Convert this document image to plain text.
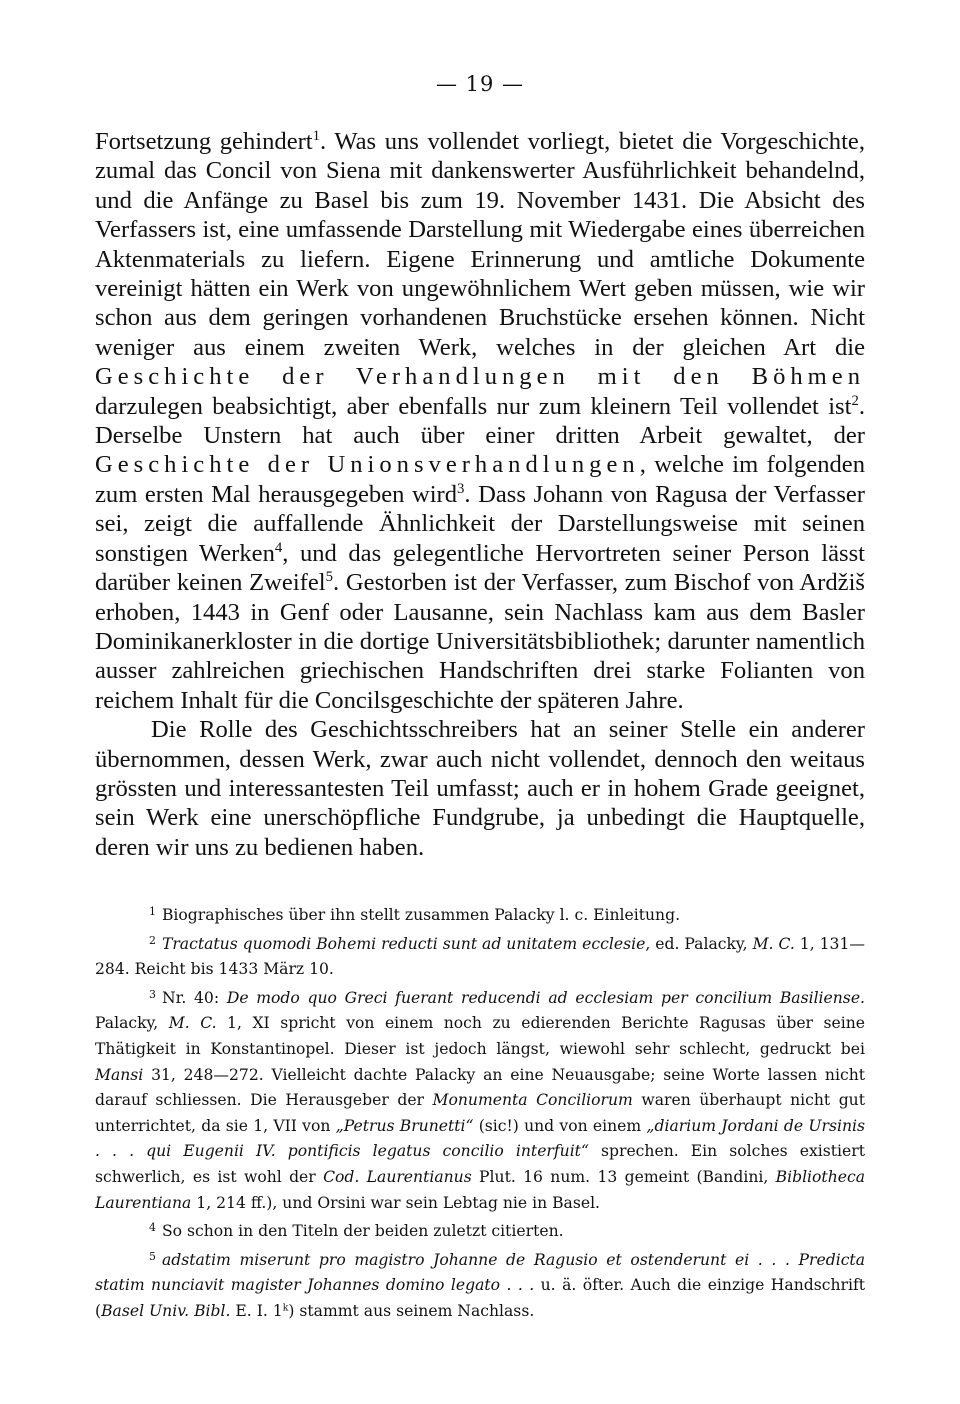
— 19 —

Fortsetzung gehindert$^1$. Was uns vollendet vorliegt, bietet die Vorgeschichte, zumal das Concil von Siena mit dankenswerter Ausführlichkeit behandelnd, und die Anfänge zu Basel bis zum 19. November 1431. Die Absicht des Verfassers ist, eine umfassende Darstellung mit Wiedergabe eines überreichen Aktenmaterials zu liefern. Eigene Erinnerung und amtliche Dokumente vereinigt hätten ein Werk von ungewöhnlichem Wert geben müssen, wie wir schon aus dem geringen vorhandenen Bruchstücke ersehen können. Nicht weniger aus einem zweiten Werk, welches in der gleichen Art die Geschichte der Verhandlungen mit den Böhmen darzulegen beabsichtigt, aber ebenfalls nur zum kleinern Teil vollendet ist$^2$. Derselbe Unstern hat auch über einer dritten Arbeit gewaltet, der Geschichte der Unionsverhandlungen, welche im folgenden zum ersten Mal herausgegeben wird$^3$. Dass Johann von Ragusa der Verfasser sei, zeigt die auffallende Ähnlichkeit der Darstellungsweise mit seinen sonstigen Werken$^4$, und das gelegentliche Hervortreten seiner Person lässt darüber keinen Zweifel$^5$. Gestorben ist der Verfasser, zum Bischof von Ardžiš erhoben, 1443 in Genf oder Lausanne, sein Nachlass kam aus dem Basler Dominikanerkloster in die dortige Universitätsbibliothek; darunter namentlich ausser zahlreichen griechischen Handschriften drei starke Folianten von reichem Inhalt für die Concilsgeschichte der späteren Jahre.

Die Rolle des Geschichtsschreibers hat an seiner Stelle ein anderer übernommen, dessen Werk, zwar auch nicht vollendet, dennoch den weitaus grössten und interessantesten Teil umfasst; auch er in hohem Grade geeignet, sein Werk eine unerschöpfliche Fundgrube, ja unbedingt die Hauptquelle, deren wir uns zu bedienen haben.

$^1$ Biographisches über ihn stellt zusammen Palacky l. c. Einleitung.

$^2$ Tractatus quomodi Bohemi reducti sunt ad unitatem ecclesie, ed. Palacky, M. C. 1, 131—284. Reicht bis 1433 März 10.

$^3$ Nr. 40: De modo quo Greci fuerant reducendi ad ecclesiam per concilium Basiliense. Palacky, M. C. 1, XI spricht von einem noch zu edierenden Berichte Ragusas über seine Thätigkeit in Konstantinopel. Dieser ist jedoch längst, wiewohl sehr schlecht, gedruckt bei Mansi 31, 248—272. Vielleicht dachte Palacky an eine Neuausgabe; seine Worte lassen nicht darauf schliessen. Die Herausgeber der Monumenta Conciliorum waren überhaupt nicht gut unterrichtet, da sie 1, VII von „Petrus Brunetti“ (sic!) und von einem „diarium Jordani de Ursinis . . . qui Eugenii IV. pontificis legatus concilio interfuit“ sprechen. Ein solches existiert schwerlich, es ist wohl der Cod. Laurentianus Plut. 16 num. 13 gemeint (Bandini, Bibliotheca Laurentiana 1, 214 ff.), und Orsini war sein Lebtag nie in Basel.

$^4$ So schon in den Titeln der beiden zuletzt citierten.

$^5$ adstatim miserunt pro magistro Johanne de Ragusio et ostenderunt ei . . . Predicta statim nunciavit magister Johannes domino legato . . . u. ä. öfter. Auch die einzige Handschrift (Basel Univ. Bibl. E. I. 1$^k$) stammt aus seinem Nachlass.
